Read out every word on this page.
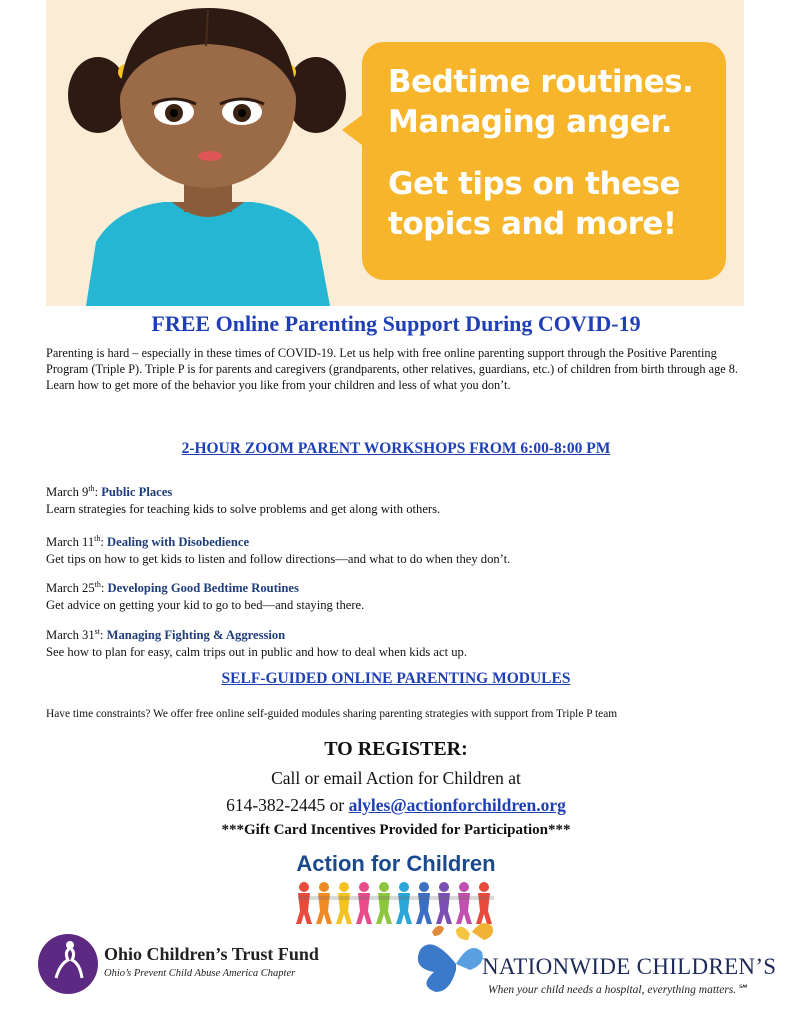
Bedtime routines.
Managing anger.
Get tips on these
topics and more!
FREE Online Parenting Support During COVID-19
Parenting is hard – especially in these times of COVID-19. Let us help with free online parenting support through the Positive Parenting Program (Triple P). Triple P is for parents and caregivers (grandparents, other relatives, guardians, etc.) of children from birth through age 8. Learn how to get more of the behavior you like from your children and less of what you don’t.
2-HOUR ZOOM PARENT WORKSHOPS FROM 6:00-8:00 PM
March 9th: Public Places
Learn strategies for teaching kids to solve problems and get along with others.
March 11th: Dealing with Disobedience
Get tips on how to get kids to listen and follow directions—and what to do when they don’t.
March 25th: Developing Good Bedtime Routines
Get advice on getting your kid to go to bed—and staying there.
March 31st: Managing Fighting & Aggression
See how to plan for easy, calm trips out in public and how to deal when kids act up.
SELF-GUIDED ONLINE PARENTING MODULES
Have time constraints? We offer free online self-guided modules sharing parenting strategies with support from Triple P team
TO REGISTER:
Call or email Action for Children at
614-382-2445 or alyles@actionforchildren.org
***Gift Card Incentives Provided for Participation***
Action for Children
Ohio Children’s Trust Fund
Ohio’s Prevent Child Abuse America Chapter	NATIONWIDE CHILDREN’S
When your child needs a hospital, everything matters.℠
